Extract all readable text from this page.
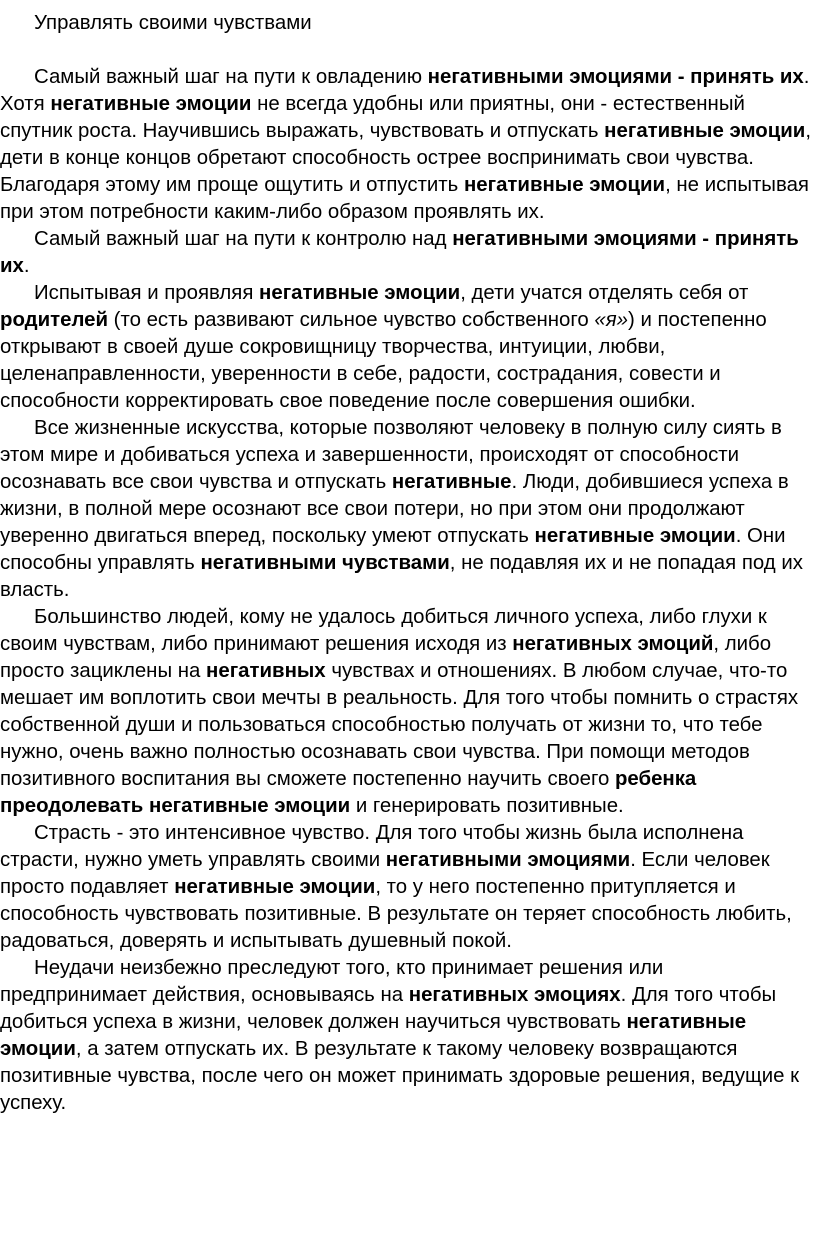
Управлять своими чувствами

Самый важный шаг на пути к овладению негативными эмоциями - принять их. Хотя негативные эмоции не всегда удобны или приятны, они - естественный спутник роста. Научившись выражать, чувствовать и отпускать негативные эмоции, дети в конце концов обретают способность острее воспринимать свои чувства. Благодаря этому им проще ощутить и отпустить негативные эмоции, не испытывая при этом потребности каким-либо образом проявлять их.

Самый важный шаг на пути к контролю над негативными эмоциями - принять их.

Испытывая и проявляя негативные эмоции, дети учатся отделять себя от родителей (то есть развивают сильное чувство собственного «я») и постепенно открывают в своей душе сокровищницу творчества, интуиции, любви, целенаправленности, уверенности в себе, радости, сострадания, совести и способности корректировать свое поведение после совершения ошибки.

Все жизненные искусства, которые позволяют человеку в полную силу сиять в этом мире и добиваться успеха и завершенности, происходят от способности осознавать все свои чувства и отпускать негативные. Люди, добившиеся успеха в жизни, в полной мере осознают все свои потери, но при этом они продолжают уверенно двигаться вперед, поскольку умеют отпускать негативные эмоции. Они способны управлять негативными чувствами, не подавляя их и не попадая под их власть.

Большинство людей, кому не удалось добиться личного успеха, либо глухи к своим чувствам, либо принимают решения исходя из негативных эмоций, либо просто зациклены на негативных чувствах и отношениях. В любом случае, что-то мешает им воплотить свои мечты в реальность. Для того чтобы помнить о страстях собственной души и пользоваться способностью получать от жизни то, что тебе нужно, очень важно полностью осознавать свои чувства. При помощи методов позитивного воспитания вы сможете постепенно научить своего ребенка преодолевать негативные эмоции и генерировать позитивные.

Страсть - это интенсивное чувство. Для того чтобы жизнь была исполнена страсти, нужно уметь управлять своими негативными эмоциями. Если человек просто подавляет негативные эмоции, то у него постепенно притупляется и способность чувствовать позитивные. В результате он теряет способность любить, радоваться, доверять и испытывать душевный покой.

Неудачи неизбежно преследуют того, кто принимает решения или предпринимает действия, основываясь на негативных эмоциях. Для того чтобы добиться успеха в жизни, человек должен научиться чувствовать негативные эмоции, а затем отпускать их. В результате к такому человеку возвращаются позитивные чувства, после чего он может принимать здоровые решения, ведущие к успеху.
